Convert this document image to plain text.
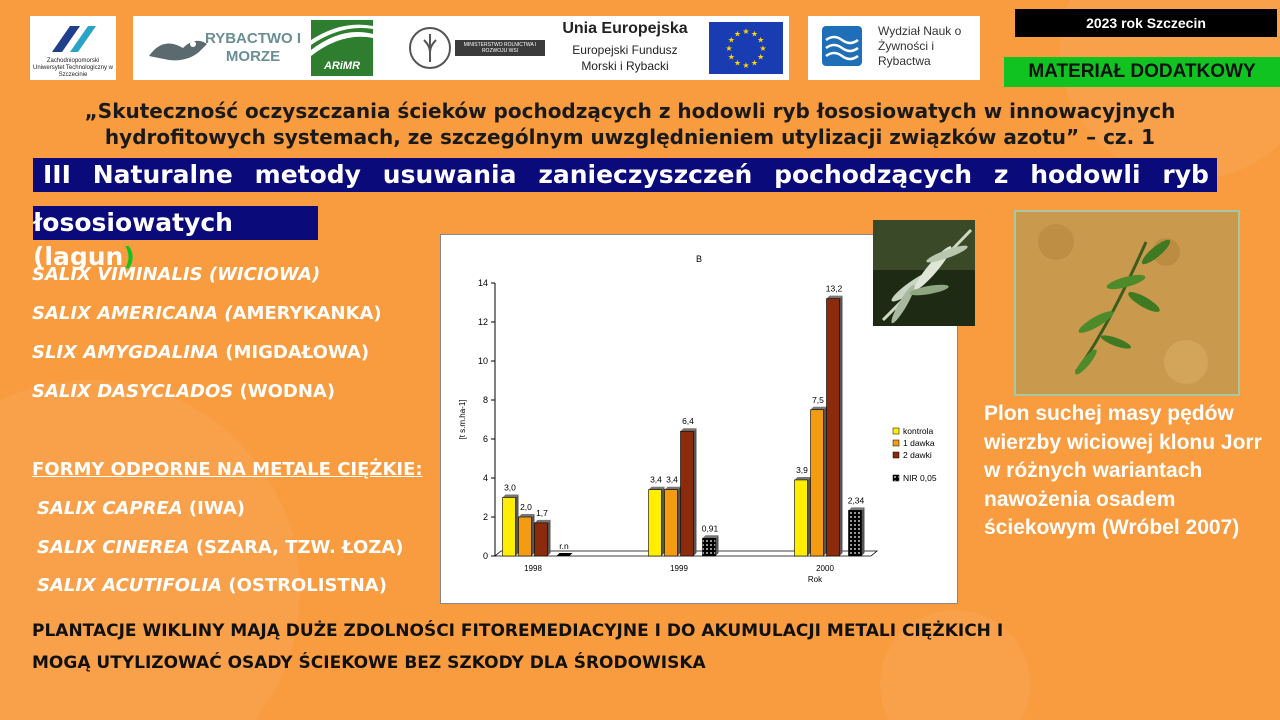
Zachodniopomorski Uniwersytet Technologiczny w Szczecinie
RYBACTWO I MORZE
ARiMR
MINISTERSTWO ROLNICTWA I ROZWOJU WSI
Unia Europejska
Europejski Fundusz Morski i Rybacki
★
★
★
★
★
★
★
★
★ ★ ★
★
Wydział Nauk o Żywności i Rybactwa
2023 rok Szczecin
MATERIAŁ DODATKOWY
„Skuteczność oczyszczania ścieków pochodzących z hodowli ryb łososiowatych w innowacyjnych hydrofitowych systemach, ze szczególnym uwzględnieniem utylizacji związków azotu” – cz. 1
III Naturalne metody usuwania zanieczyszczeń pochodzących z hodowli ryb
łososiowatych (lagun)
SALIX VIMINALIS (WICIOWA)
SALIX AMERICANA (AMERYKANKA)
SLIX AMYGDALINA (MIGDAŁOWA)
SALIX DASYCLADOS (WODNA)
FORMY ODPORNE NA METALE CIĘŻKIE:
SALIX CAPREA (IWA)
SALIX CINEREA (SZARA, TZW. ŁOZA)
SALIX ACUTIFOLIA (OSTROLISTNA)
PLANTACJE WIKLINY MAJĄ DUŻE ZDOLNOŚCI FITOREMEDIACYJNE I DO AKUMULACJI METALI CIĘŻKICH I
MOGĄ UTYLIZOWAĆ OSADY ŚCIEKOWE BEZ SZKODY DLA ŚRODOWISKA
B
0
2
4
6
8
10
12
14
[t s.m.ha-1]
3,0
2,0
1,7
r.n
1998
3,4 3,4
6,4
0,91
1999
3,9
7,5
13,2
2,34
2000
Rok
kontrola
1 dawka
2 dawki
NIR 0,05
Plon suchej masy pędów wierzby wiciowej klonu Jorr w różnych wariantach nawożenia osadem ściekowym (Wróbel 2007)
